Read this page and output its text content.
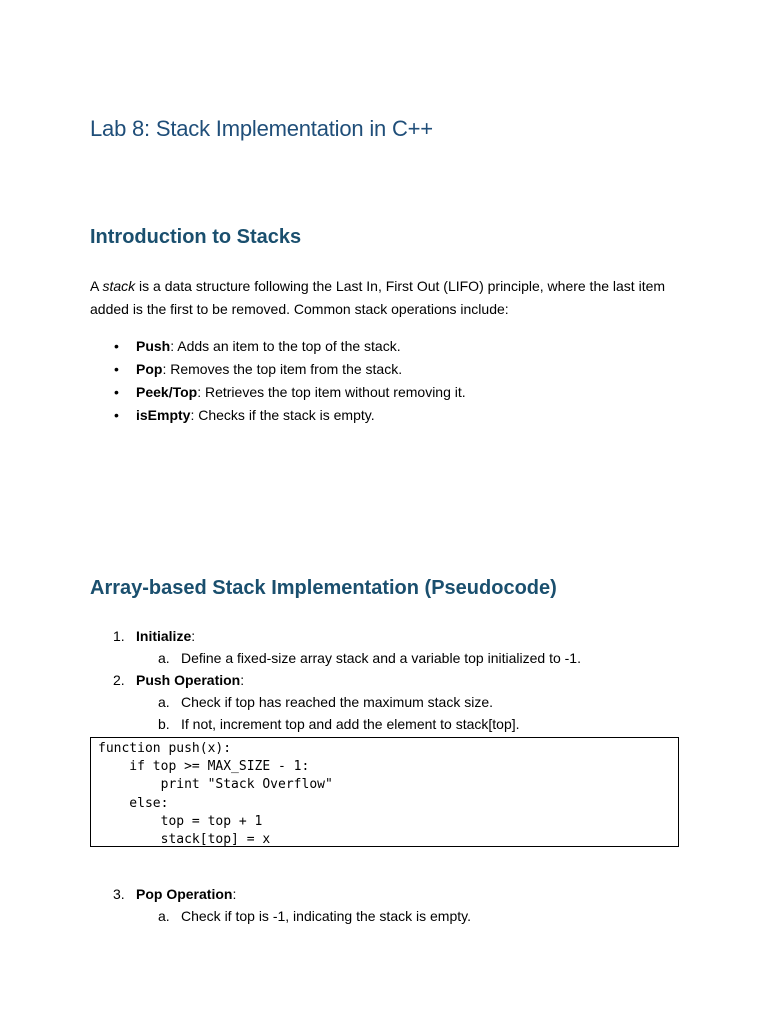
Lab 8: Stack Implementation in C++
Introduction to Stacks

A stack is a data structure following the Last In, First Out (LIFO) principle, where the last item added is the first to be removed. Common stack operations include:

• Push: Adds an item to the top of the stack.
• Pop: Removes the top item from the stack.
• Peek/Top: Retrieves the top item without removing it.
• isEmpty: Checks if the stack is empty.
Array-based Stack Implementation (Pseudocode)
1. Initialize:
a. Define a fixed-size array stack and a variable top initialized to -1.
2. Push Operation:
a. Check if top has reached the maximum stack size.
b. If not, increment top and add the element to stack[top].
function push(x):
if top >= MAX_SIZE - 1:
print "Stack Overflow"
else:
top = top + 1
stack[top] = x
3. Pop Operation:
a. Check if top is -1, indicating the stack is empty.
